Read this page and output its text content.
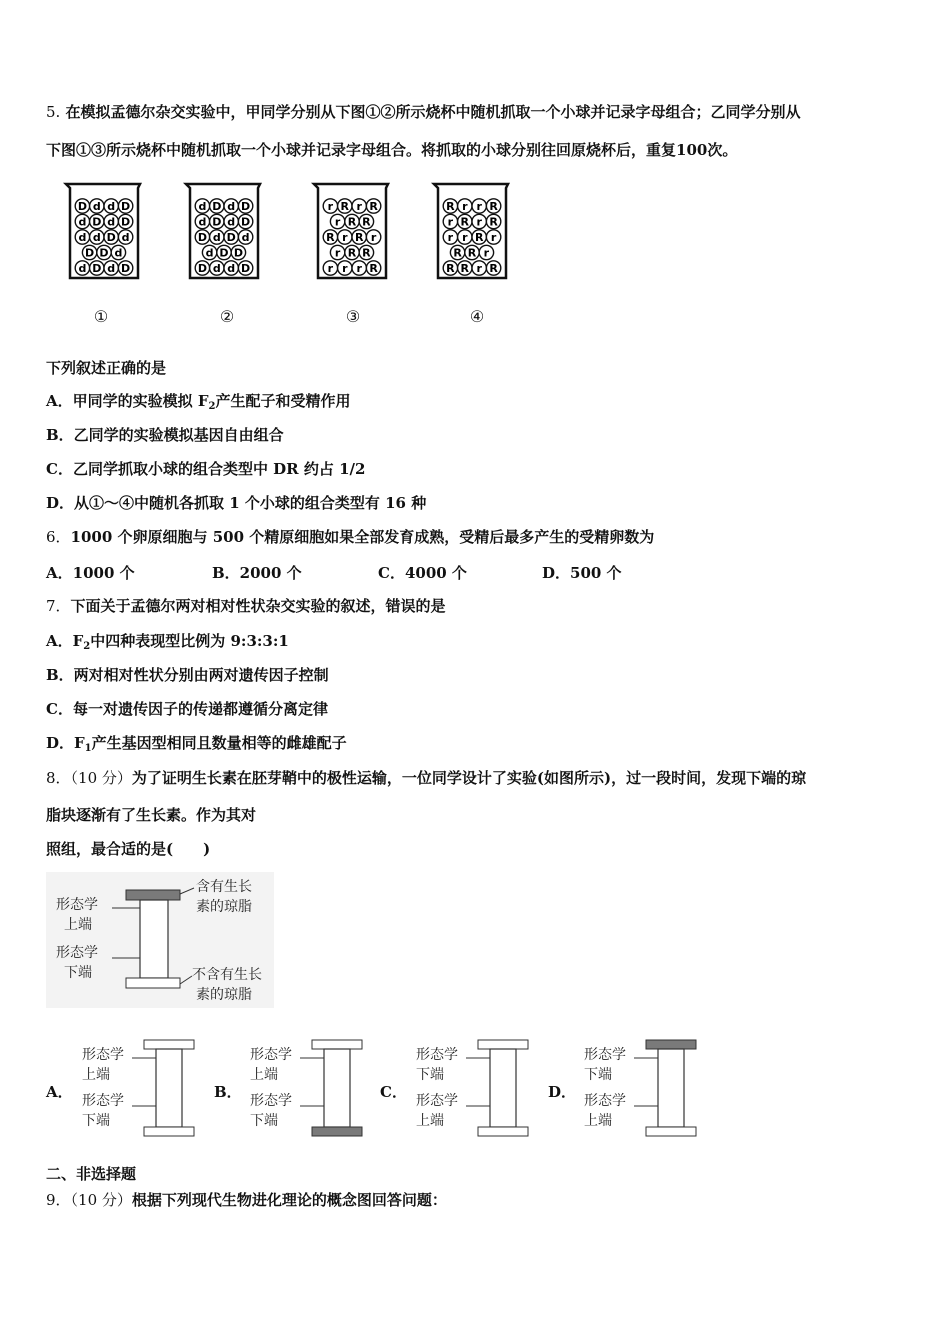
5. 在模拟孟德尔杂交实验中，甲同学分别从下图①②所示烧杯中随机抓取一个小球并记录字母组合；乙同学分别从
下图①③所示烧杯中随机抓取一个小球并记录字母组合。将抓取的小球分别往回原烧杯后，重复100次。
D d d D
d D d D
d d D d
D D d
d D d D
①
d D d D
d D d D
D d D d
d D D
D d d D
②
r R r R
r R R
R r R r
r R R
r r r R
③
R r r R
r R r R
r r R r
R R r
R R r R
④
下列叙述正确的是
A．甲同学的实验模拟 $F_2$产生配子和受精作用
B．乙同学的实验模拟基因自由组合
C．乙同学抓取小球的组合类型中 DR 约占 1/2
D．从①～④中随机各抓取 1 个小球的组合类型有 16 种
6．1000 个卵原细胞与 500 个精原细胞如果全部发育成熟，受精后最多产生的受精卵数为
A．1000 个	B．2000 个	C．4000 个	D．500 个
7．下面关于孟德尔两对相对性状杂交实验的叙述，错误的是
A．$F_2$中四种表现型比例为 9:3:3:1
B．两对相对性状分别由两对遗传因子控制
C．每一对遗传因子的传递都遵循分离定律
D．$F_1$产生基因型相同且数量相等的雌雄配子
8．（10 分）为了证明生长素在胚芽鞘中的极性运输，一位同学设计了实验(如图所示)，过一段时间，发现下端的琼
脂块逐渐有了生长素。作为其对
照组，最合适的是(　　)
形态学
上端
形态学
下端
含有生长
素的琼脂
不含有生长
素的琼脂
A．
形态学
上端
形态学
下端
B．
形态学
上端
形态学
下端
C．
形态学
下端
形态学
上端
D．
形态学
下端
形态学
上端
二、非选择题
9．（10 分）根据下列现代生物进化理论的概念图回答问题：
